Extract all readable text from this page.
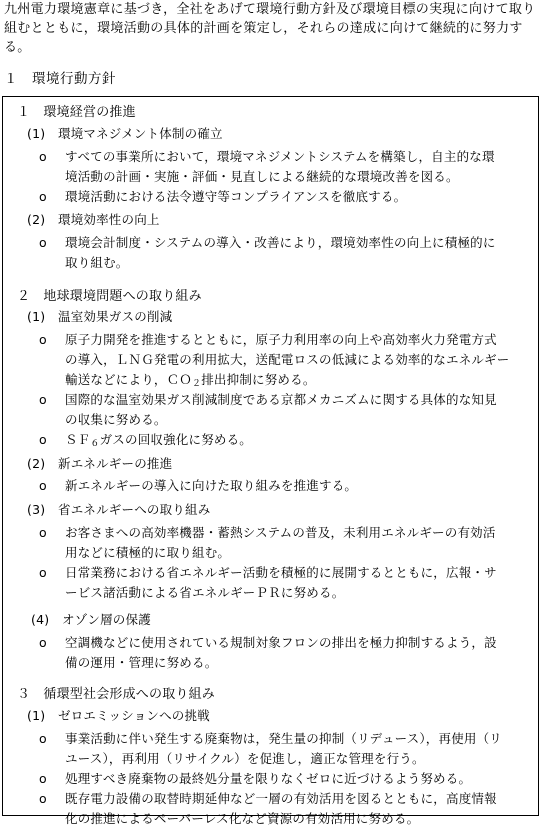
九州電力環境憲章に基づき，全社をあげて環境行動方針及び環境目標の実現に向けて取り組むとともに，環境活動の具体的計画を策定し，それらの達成に向けて継続的に努力する。
１　環境行動方針
１　環境経営の推進
(1)　環境マネジメント体制の確立
o すべての事業所において，環境マネジメントシステムを構築し，自主的な環
境活動の計画・実施・評価・見直しによる継続的な環境改善を図る。
o 環境活動における法令遵守等コンプライアンスを徹底する。
(2)　環境効率性の向上
o 環境会計制度・システムの導入・改善により，環境効率性の向上に積極的に
取り組む。
２　地球環境問題への取り組み
(1)　温室効果ガスの削減
o 原子力開発を推進するとともに，原子力利用率の向上や高効率火力発電方式
の導入，ＬＮＧ発電の利用拡大，送配電ロスの低減による効率的なエネルギー
輸送などにより，ＣＯ$_2$排出抑制に努める。
o 国際的な温室効果ガス削減制度である京都メカニズムに関する具体的な知見
の収集に努める。
o ＳＦ$_6$ガスの回収強化に努める。
(2)　新エネルギーの推進
o 新エネルギーの導入に向けた取り組みを推進する。
(3)　省エネルギーへの取り組み
o お客さまへの高効率機器・蓄熱システムの普及，未利用エネルギーの有効活
用などに積極的に取り組む。
o 日常業務における省エネルギー活動を積極的に展開するとともに，広報・サ
ービス諸活動による省エネルギーＰＲに努める。
(4)　オゾン層の保護
o 空調機などに使用されている規制対象フロンの排出を極力抑制するよう，設
備の運用・管理に努める。
３　循環型社会形成への取り組み
(1)　ゼロエミッションへの挑戦
o 事業活動に伴い発生する廃棄物は，発生量の抑制（リデュース），再使用（リ
ユース），再利用（リサイクル）を促進し，適正な管理を行う。
o 処理すべき廃棄物の最終処分量を限りなくゼロに近づけるよう努める。
o 既存電力設備の取替時期延伸など一層の有効活用を図るとともに，高度情報
化の推進によるペーパーレス化など資源の有効活用に努める。
